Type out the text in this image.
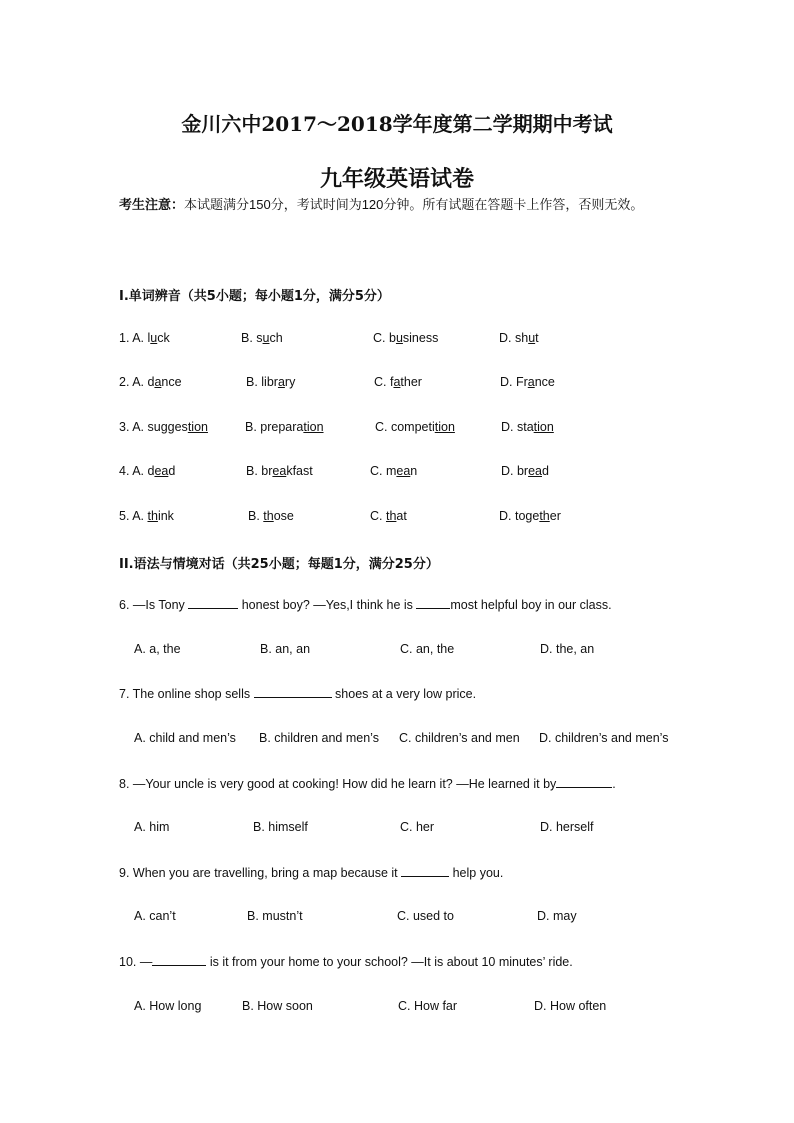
金川六中2017～2018学年度第二学期期中考试
九年级英语试卷
考生注意：本试题满分150分，考试时间为120分钟。所有试题在答题卡上作答，否则无效。
I.单词辨音（共5小题；每小题1分，满分5分）
1. A. luck	B. such	C. business	D. shut
2. A. dance	B. library	C. father	D. France
3. A. suggestion	B. preparation	C. competition	D. station
4. A. dead	B. breakfast	C. mean	D. bread
5. A. think	B. those	C. that	D. together
II.语法与情境对话（共25小题；每题1分，满分25分）
6. —Is Tony	honest boy? —Yes,I think he is	most helpful boy in our class.
A. a, the	B. an, an	C. an, the	D. the, an
7. The online shop sells	shoes at a very low price.
A. child and men’s B. children and men’s C. children’s and men D. children’s and men’s
8. —Your uncle is very good at cooking! How did he learn it? —He learned it by	.
A. him	B. himself	C. her	D. herself
9. When you are travelling, bring a map because it	help you.
A. can’t	B. mustn’t	C. used to	D. may
10. —	is it from your home to your school? —It is about 10 minutes’ ride.
A. How long	B. How soon	C. How far	D. How often
